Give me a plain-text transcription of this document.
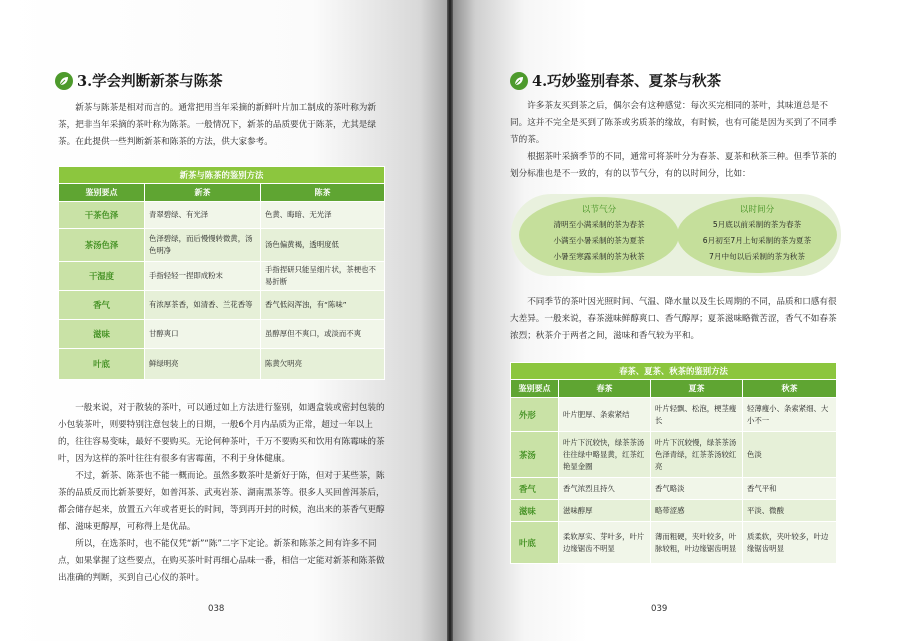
3.学会判断新茶与陈茶

新茶与陈茶是相对而言的。通常把用当年采摘的新鲜叶片加工制成的茶叶称为新茶，把非当年采摘的茶叶称为陈茶。一般情况下，新茶的品质要优于陈茶，尤其是绿茶。在此提供一些判断新茶和陈茶的方法，供大家参考。

新茶与陈茶的鉴别方法		
鉴别要点	新茶	陈茶
干茶色泽	青翠碧绿、有光泽	色黄、晦暗、无光泽
茶汤色泽	色泽碧绿，而后慢慢转微黄，汤色明净	汤色偏黄褐，透明度低
干湿度	手指轻轻一捏即成粉末	手指捏研只能呈细片状，茶梗也不易折断
香气	有浓厚茶香，如清香、兰花香等	香气低闷浑浊，有“陈味”
滋味	甘醇爽口	虽醇厚但不爽口，或淡而不爽
叶底	鲜绿明亮	陈黄欠明亮

一般来说，对于散装的茶叶，可以通过如上方法进行鉴别，如遇盒装或密封包装的小包装茶叶，则要特别注意包装上的日期，一般6个月内品质为正常，超过一年以上的，往往容易变味，最好不要购买。无论何种茶叶，千万不要购买和饮用有陈霉味的茶叶，因为这样的茶叶往往有很多有害霉菌，不利于身体健康。

不过，新茶、陈茶也不能一概而论。虽然多数茶叶是新好于陈，但对于某些茶，陈茶的品质反而比新茶要好，如普洱茶、武夷岩茶、湖南黑茶等。很多人买回普洱茶后，都会储存起来，放置五六年或者更长的时间，等到再开封的时候，泡出来的茶香气更醇郁、滋味更醇厚，可称得上是优品。

所以，在选茶时，也不能仅凭“新”“陈”二字下定论。新茶和陈茶之间有许多不同点，如果掌握了这些要点，在购买茶叶时再细心品味一番，相信一定能对新茶和陈茶做出准确的判断，买到自己心仪的茶叶。

038
4.巧妙鉴别春茶、夏茶与秋茶

许多茶友买到茶之后，偶尔会有这种感觉：每次买完相同的茶叶，其味道总是不同。这并不完全是买到了陈茶或劣质茶的缘故，有时候，也有可能是因为买到了不同季节的茶。

根据茶叶采摘季节的不同，通常可将茶叶分为春茶、夏茶和秋茶三种。但季节茶的划分标准也是不一致的，有的以节气分，有的以时间分，比如：

以节气分
清明至小满采制的茶为春茶
小满至小暑采制的茶为夏茶
小暑至寒露采制的茶为秋茶
以时间分
5月底以前采制的茶为春茶
6月初至7月上旬采制的茶为夏茶
7月中旬以后采制的茶为秋茶

不同季节的茶叶因光照时间、气温、降水量以及生长周期的不同，品质和口感有很大差异。一般来说，春茶滋味鲜醇爽口、香气醇厚；夏茶滋味略微苦涩，香气不如春茶浓烈；秋茶介于两者之间，滋味和香气较为平和。

春茶、夏茶、秋茶的鉴别方法			
鉴别要点	春茶	夏茶	秋茶
外形	叶片肥厚、条索紧结	叶片轻飘、松泡，梗茎瘦长	轻薄瘦小、条索紧细、大小不一
茶汤	叶片下沉较快，绿茶茶汤往往绿中略显黄，红茶红艳显金圈	叶片下沉较慢，绿茶茶汤色泽青绿，红茶茶汤较红亮	色淡
香气	香气浓烈且持久	香气略淡	香气平和
滋味	滋味醇厚	略带涩感	平淡、微酸
叶底	柔软厚实、芽叶多，叶片边缘锯齿不明显	薄而粗硬，夹叶较多，叶脉较粗，叶边缘锯齿明显	质柔软，夹叶较多，叶边缘锯齿明显
039
